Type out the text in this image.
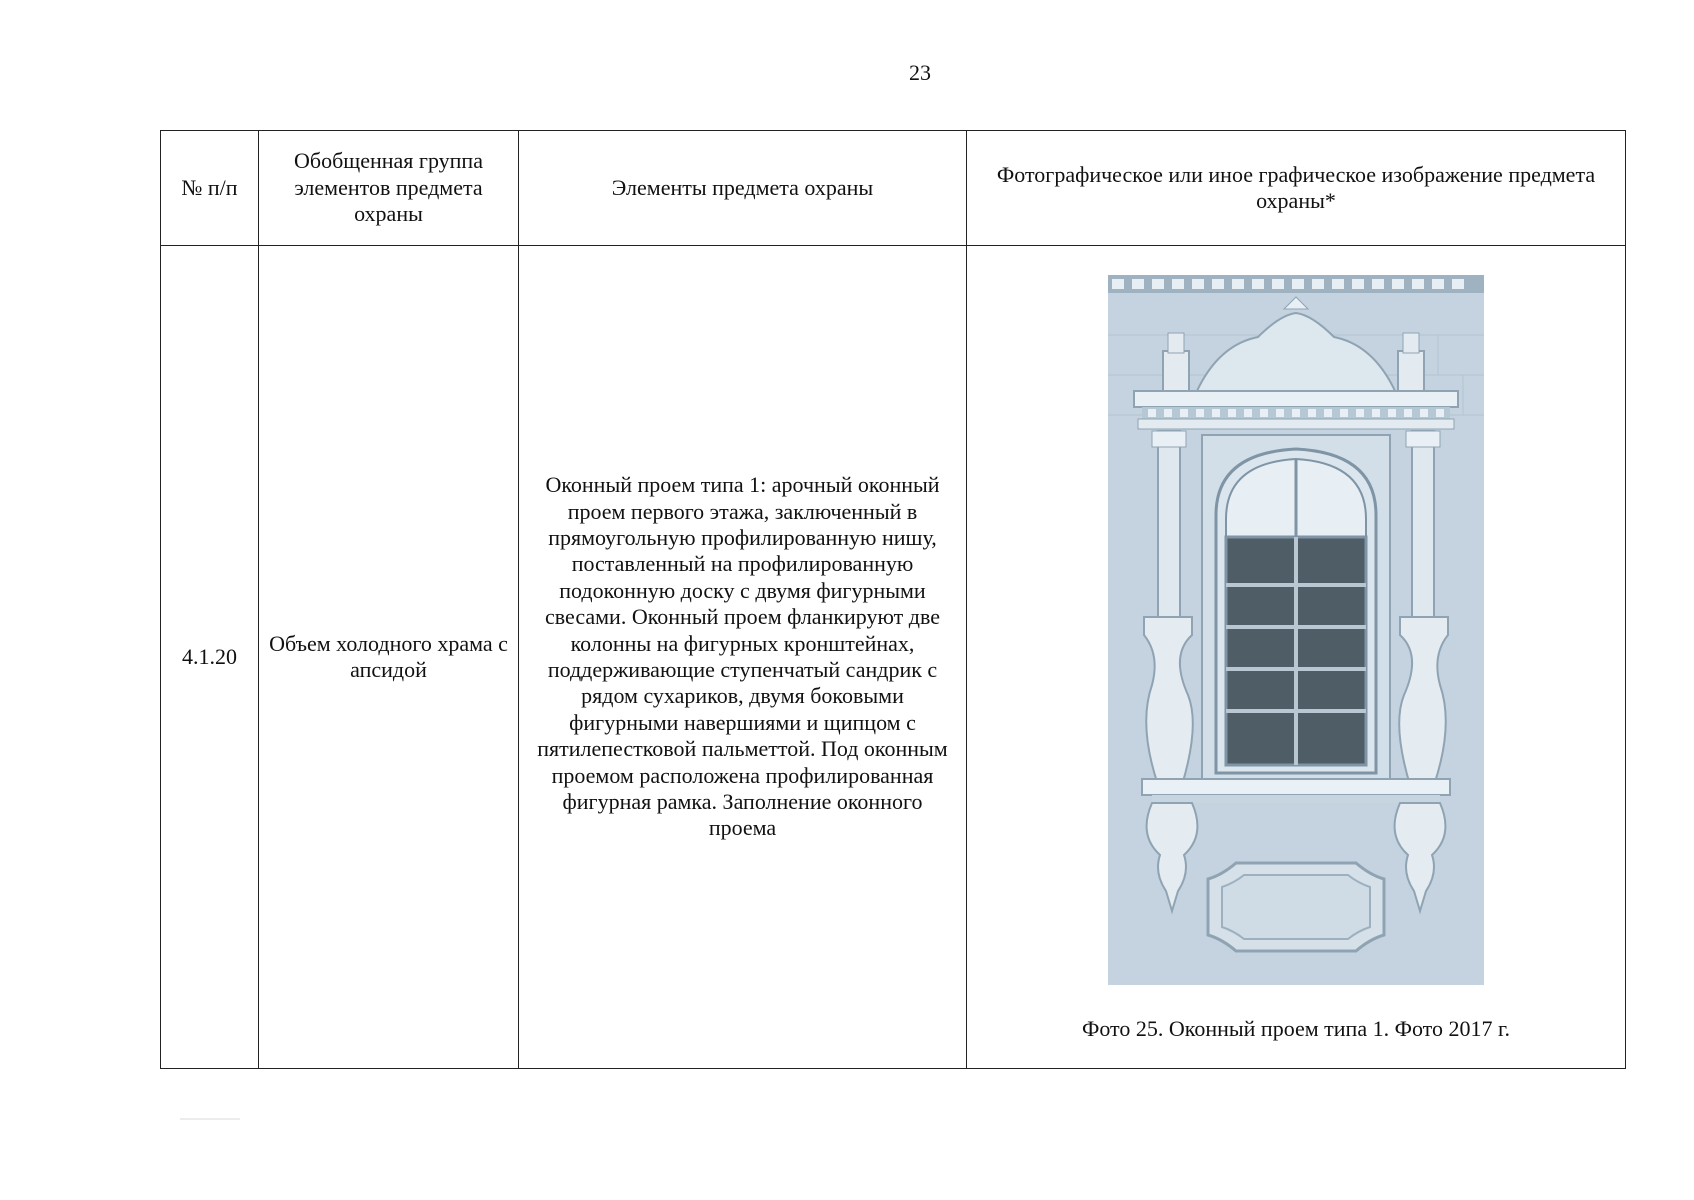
23
№ п/п	Обобщенная группа элементов предмета охраны	Элементы предмета охраны	Фотографическое или иное графическое изображение предмета охраны*
4.1.20	Объем холодного храма с апсидой	Оконный проем типа 1: арочный оконный проем первого этажа, заключенный в прямоугольную профилированную нишу, поставленный на профилированную подоконную доску с двумя фигурными свесами. Оконный проем фланкируют две колонны на фигурных кронштейнах, поддерживающие ступенчатый сандрик с рядом сухариков, двумя боковыми фигурными навершиями и щипцом с пятилепестковой пальметтой. Под оконным проемом расположена профилированная фигурная рамка. Заполнение оконного проема	Фото 25. Оконный проем типа 1. Фото 2017 г.
